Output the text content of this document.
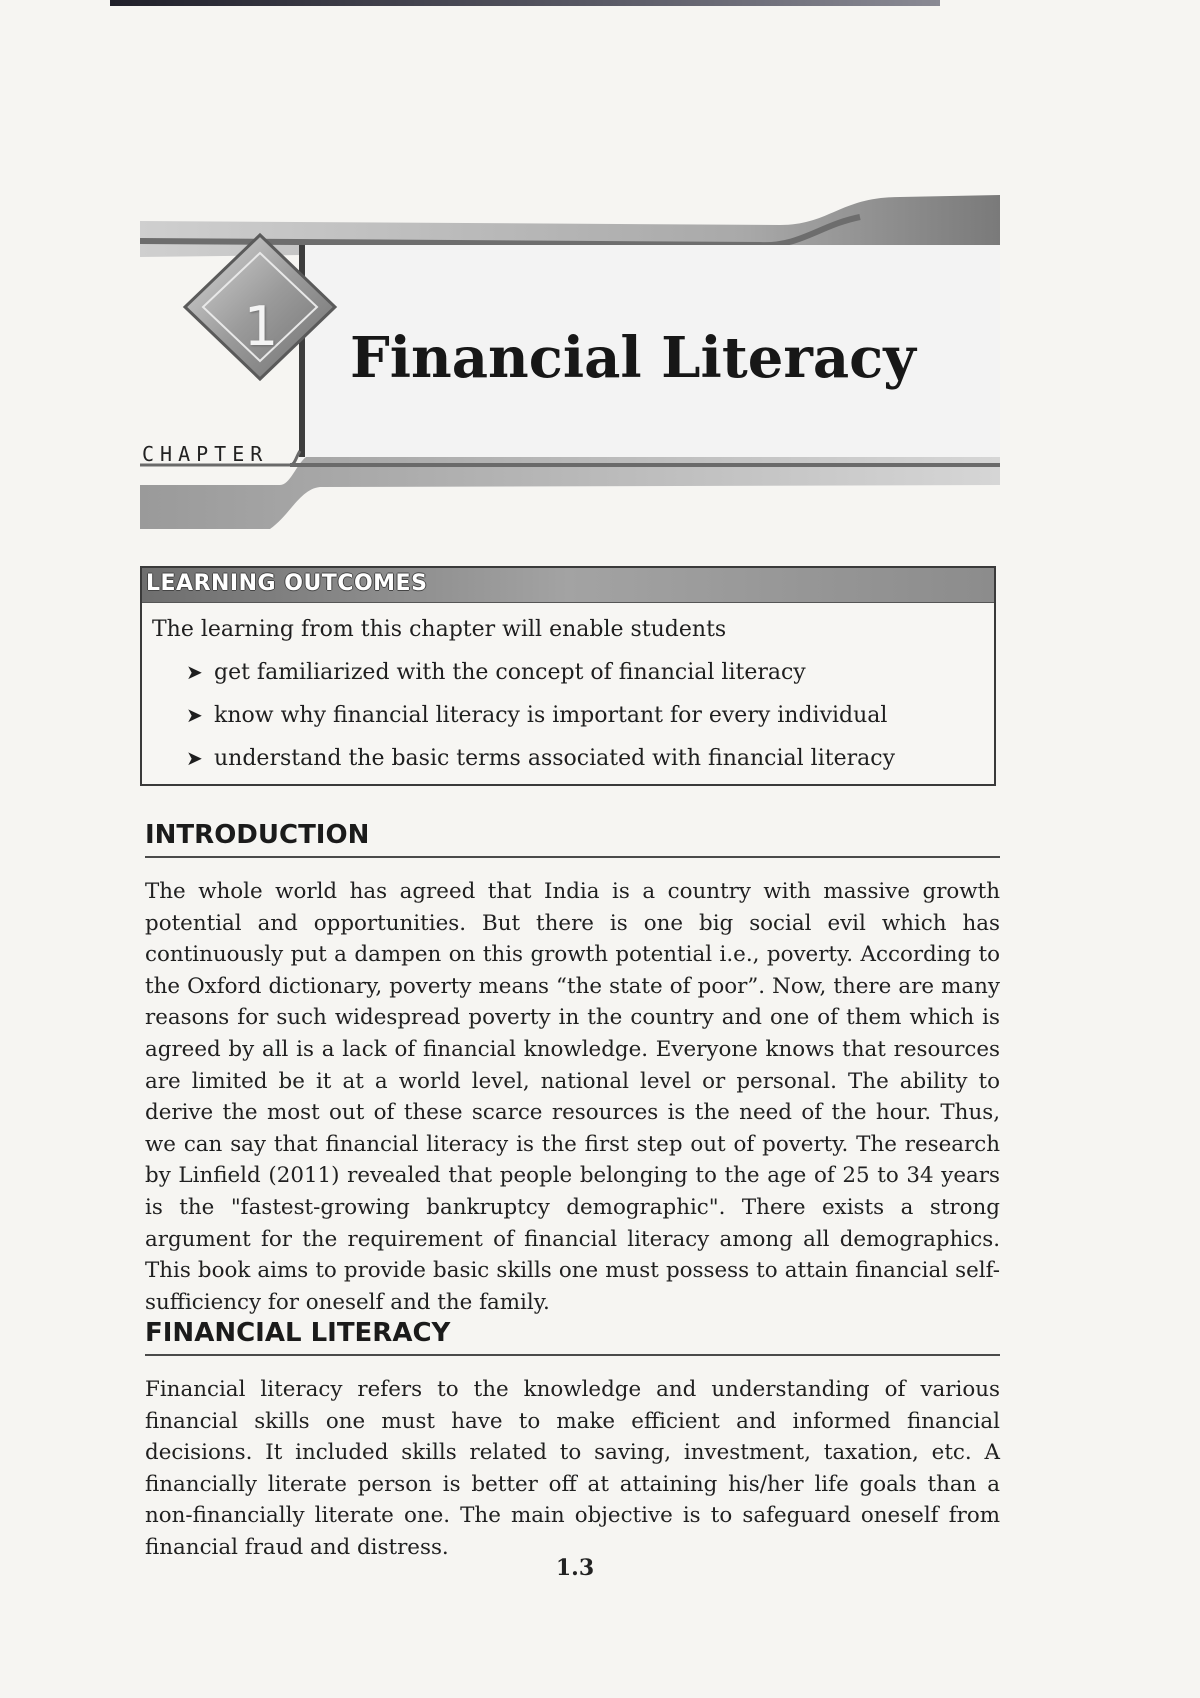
1	Financial Literacy
CHAPTER
LEARNING OUTCOMES
The learning from this chapter will enable students
➤ get familiarized with the concept of financial literacy
➤ know why financial literacy is important for every individual
➤ understand the basic terms associated with financial literacy
INTRODUCTION

The whole world has agreed that India is a country with massive growth potential and opportunities. But there is one big social evil which has continuously put a dampen on this growth potential i.e., poverty. According to the Oxford dictionary, poverty means “the state of poor”. Now, there are many reasons for such widespread poverty in the country and one of them which is agreed by all is a lack of financial knowledge. Everyone knows that resources are limited be it at a world level, national level or personal. The ability to derive the most out of these scarce resources is the need of the hour. Thus, we can say that financial literacy is the first step out of poverty. The research by Linfield (2011) revealed that people belonging to the age of 25 to 34 years is the "fastest-growing bankruptcy demographic". There exists a strong argument for the requirement of financial literacy among all demographics. This book aims to provide basic skills one must possess to attain financial self-sufficiency for oneself and the family.

FINANCIAL LITERACY

Financial literacy refers to the knowledge and understanding of various financial skills one must have to make efficient and informed financial decisions. It included skills related to saving, investment, taxation, etc. A financially literate person is better off at attaining his/her life goals than a non-financially literate one. The main objective is to safeguard oneself from financial fraud and distress.

1.3
